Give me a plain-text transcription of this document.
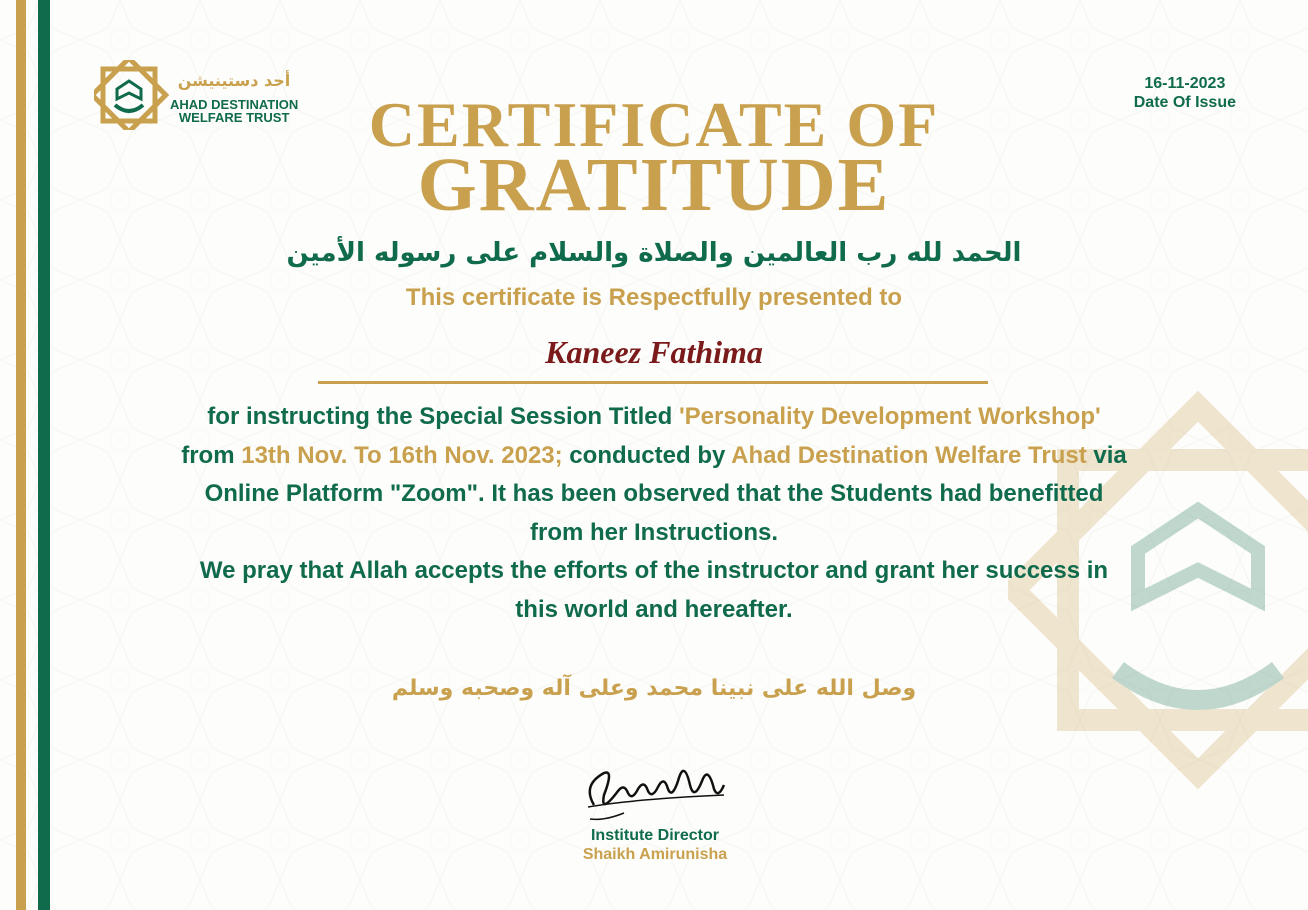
أحد دستينيشن
AHAD DESTINATION
WELFARE TRUST
16-11-2023
Date Of Issue
CERTIFICATE OF
GRATITUDE
الحمد لله رب العالمين والصلاة والسلام على رسوله الأمين
This certificate is Respectfully presented to
Kaneez Fathima
for instructing the Special Session Titled 'Personality Development Workshop' from 13th Nov. To 16th Nov. 2023; conducted by Ahad Destination Welfare Trust via Online Platform "Zoom". It has been observed that the Students had benefitted from her Instructions.
We pray that Allah accepts the efforts of the instructor and grant her success in this world and hereafter.
وصل الله على نبينا محمد وعلى آله وصحبه وسلم
Institute Director
Shaikh Amirunisha
